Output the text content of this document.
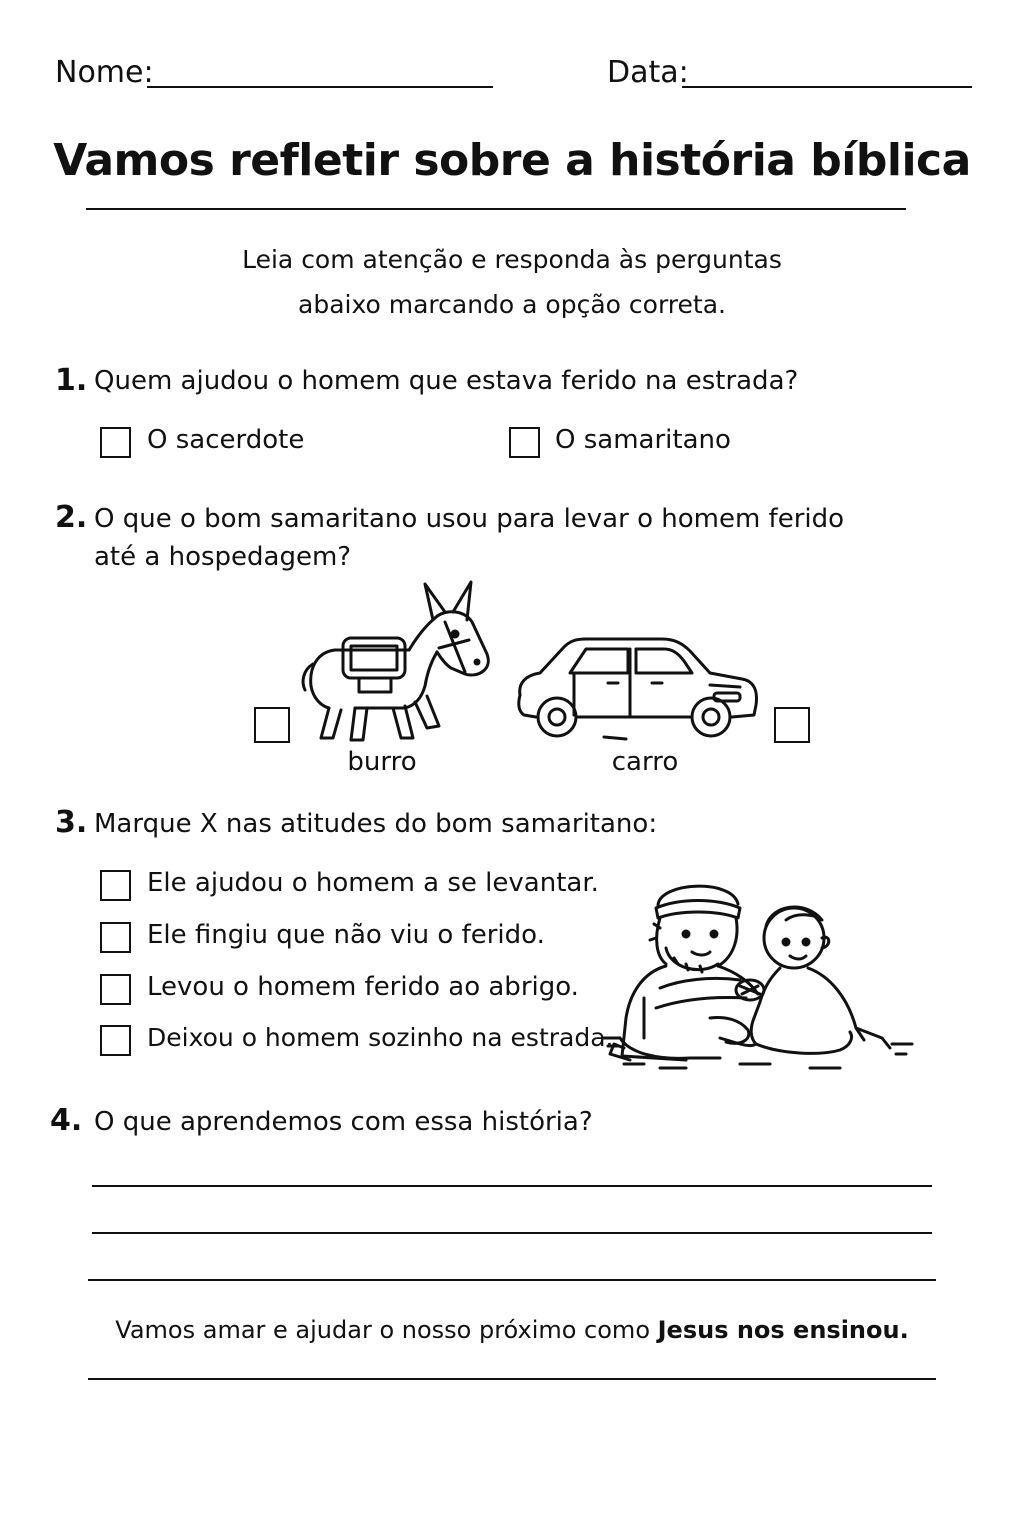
Nome:	Data:
Vamos refletir sobre a história bíblica
Leia com atenção e responda às perguntas
abaixo marcando a opção correta.
1. Quem ajudou o homem que estava ferido na estrada?
O sacerdote	O samaritano
2. O que o bom samaritano usou para levar o homem ferido
até a hospedagem?
burro	carro
3. Marque X nas atitudes do bom samaritano:
Ele ajudou o homem a se levantar.
Ele fingiu que não viu o ferido.
Levou o homem ferido ao abrigo.
Deixou o homem sozinho na estrada.
4. O que aprendemos com essa história?
Vamos amar e ajudar o nosso próximo como Jesus nos ensinou.
